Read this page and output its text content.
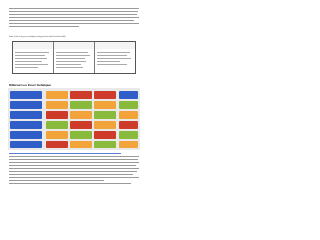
Some of the low power techniques being used are listed as below table:
Different Low Power Techniques
